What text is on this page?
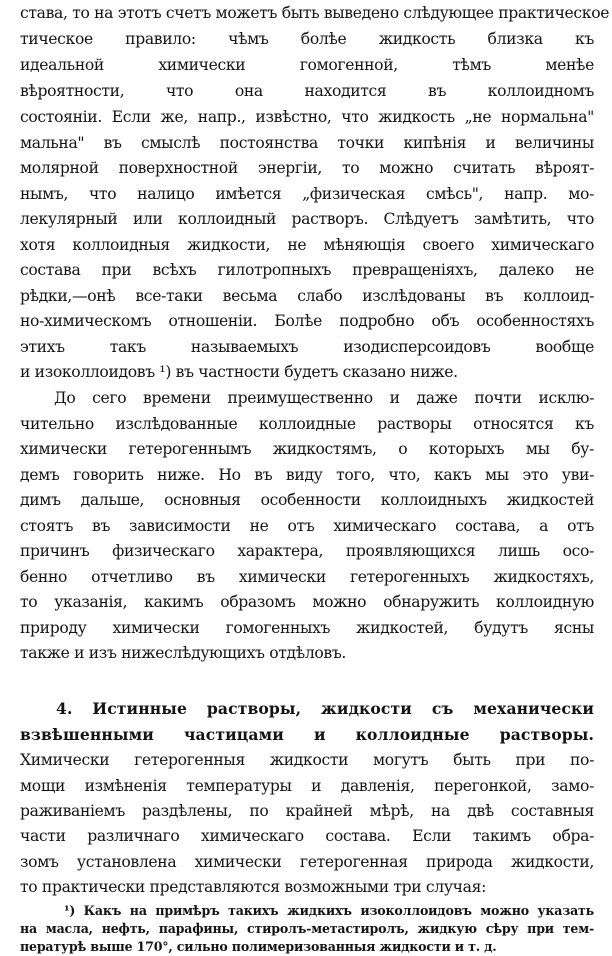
става, то на этотъ счетъ можетъ быть выведено слѣдующее практическое
тическое правило: чѣмъ болѣе жидкость близка къ
идеальной химически гомогенной, тѣмъ менѣе
вѣроятности, что она находится въ коллоидномъ
состоянiи. Если же, напр., извѣстно, что жидкость „не нормальна"
мальна" въ смыслѣ постоянства точки кипѣнія и величины
молярной поверхностной энергіи, то можно считать вѣроят-
нымъ, что налицо имѣется „физическая смѣсь", напр. мо-
лекулярный или коллоидный растворъ. Слѣдуетъ замѣтить, что
хотя коллоидныя жидкости, не мѣняющія своего химическаго
состава при всѣхъ гилотропныхъ превращеніяхъ, далеко не
рѣдки,—онѣ все-таки весьма слабо изслѣдованы въ коллоид-
но-химическомъ отношеніи. Болѣе подробно объ особенностяхъ
этихъ такъ называемыхъ изодисперсоидовъ вообще
и изоколлоидовъ ¹) въ частности будетъ сказано ниже.
До сего времени преимущественно и даже почти исклю-
чительно изслѣдованные коллоидные растворы относятся къ
химически гетерогеннымъ жидкостямъ, о которыхъ мы бу-
демъ говорить ниже. Но въ виду того, что, какъ мы это уви-
димъ дальше, основныя особенности коллоидныхъ жидкостей
стоятъ въ зависимости не отъ химическаго состава, а отъ
причинъ физическаго характера, проявляющихся лишь осо-
бенно отчетливо въ химически гетерогенныхъ жидкостяхъ,
то указанія, какимъ образомъ можно обнаружить коллоидную
природу химически гомогенныхъ жидкостей, будутъ ясны
также и изъ нижеслѣдующихъ отдѣловъ.
4. Истинные растворы, жидкости съ механически
взвѣшенными частицами и коллоидные растворы.
Химически гетерогенныя жидкости могутъ быть при по-
мощи измѣненія температуры и давленія, перегонкой, замо-
раживаніемъ раздѣлены, по крайней мѣрѣ, на двѣ составныя
части различнаго химическаго состава. Если такимъ обра-
зомъ установлена химически гетерогенная природа жидкости,
то практически представляются возможными три случая:
¹) Какъ на примѣръ такихъ жидкихъ изоколлоидовъ можно указать
на масла, нефть, парафины, стиролъ-метастиролъ, жидкую сѣру при тем-
пературѣ выше 170°, сильно полимеризованныя жидкости и т. д.
